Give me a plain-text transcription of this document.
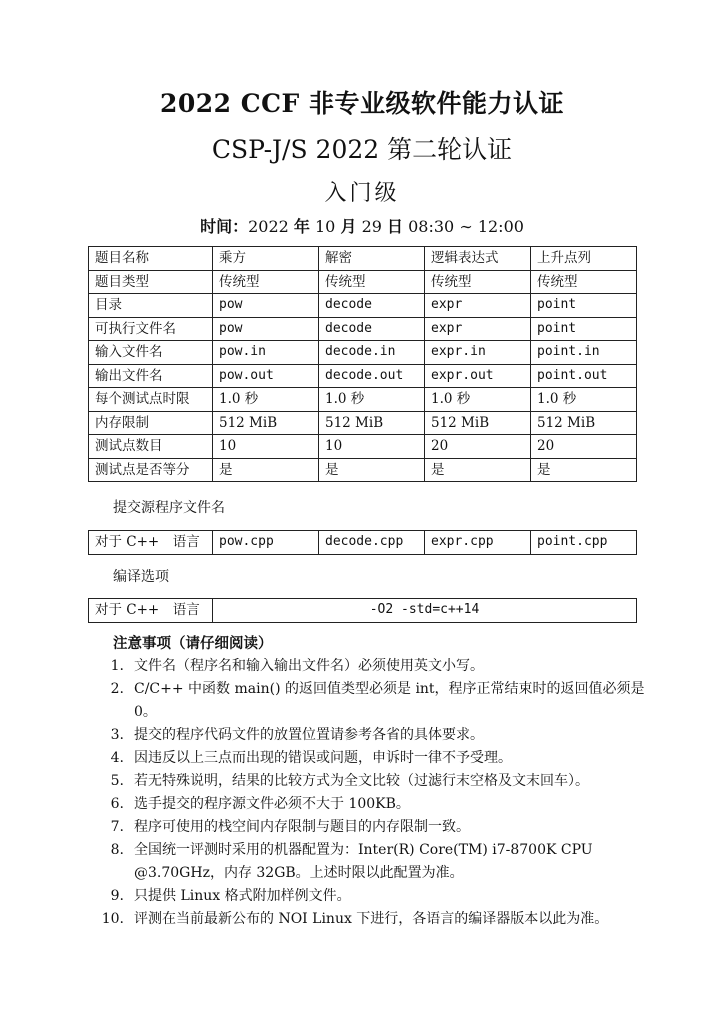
2022 CCF 非专业级软件能力认证
CSP-J/S 2022 第二轮认证
入门级
时间：2022 年 10 月 29 日 08:30 ∼ 12:00
题目名称	乘方	解密	逻辑表达式	上升点列
题目类型	传统型	传统型	传统型	传统型
目录	pow	decode	expr	point
可执行文件名	pow	decode	expr	point
输入文件名	pow.in	decode.in	expr.in	point.in
输出文件名	pow.out	decode.out	expr.out	point.out
每个测试点时限	1.0 秒	1.0 秒	1.0 秒	1.0 秒
内存限制	512 MiB	512 MiB	512 MiB	512 MiB
测试点数目	10	10	20	20
测试点是否等分	是	是	是	是
提交源程序文件名
对于 C++　语言	pow.cpp	decode.cpp	expr.cpp	point.cpp
编译选项
对于 C++　语言	-O2 -std=c++14
注意事项（请仔细阅读）
1. 文件名（程序名和输入输出文件名）必须使用英文小写。
2. C/C++ 中函数 main() 的返回值类型必须是 int，程序正常结束时的返回值必须是 0。
3. 提交的程序代码文件的放置位置请参考各省的具体要求。
4. 因违反以上三点而出现的错误或问题，申诉时一律不予受理。
5. 若无特殊说明，结果的比较方式为全文比较（过滤行末空格及文末回车）。
6. 选手提交的程序源文件必须不大于 100KB。
7. 程序可使用的栈空间内存限制与题目的内存限制一致。
8. 全国统一评测时采用的机器配置为：Inter(R) Core(TM) i7-8700K CPU @3.70GHz，内存 32GB。上述时限以此配置为准。
9. 只提供 Linux 格式附加样例文件。
10. 评测在当前最新公布的 NOI Linux 下进行，各语言的编译器版本以此为准。
